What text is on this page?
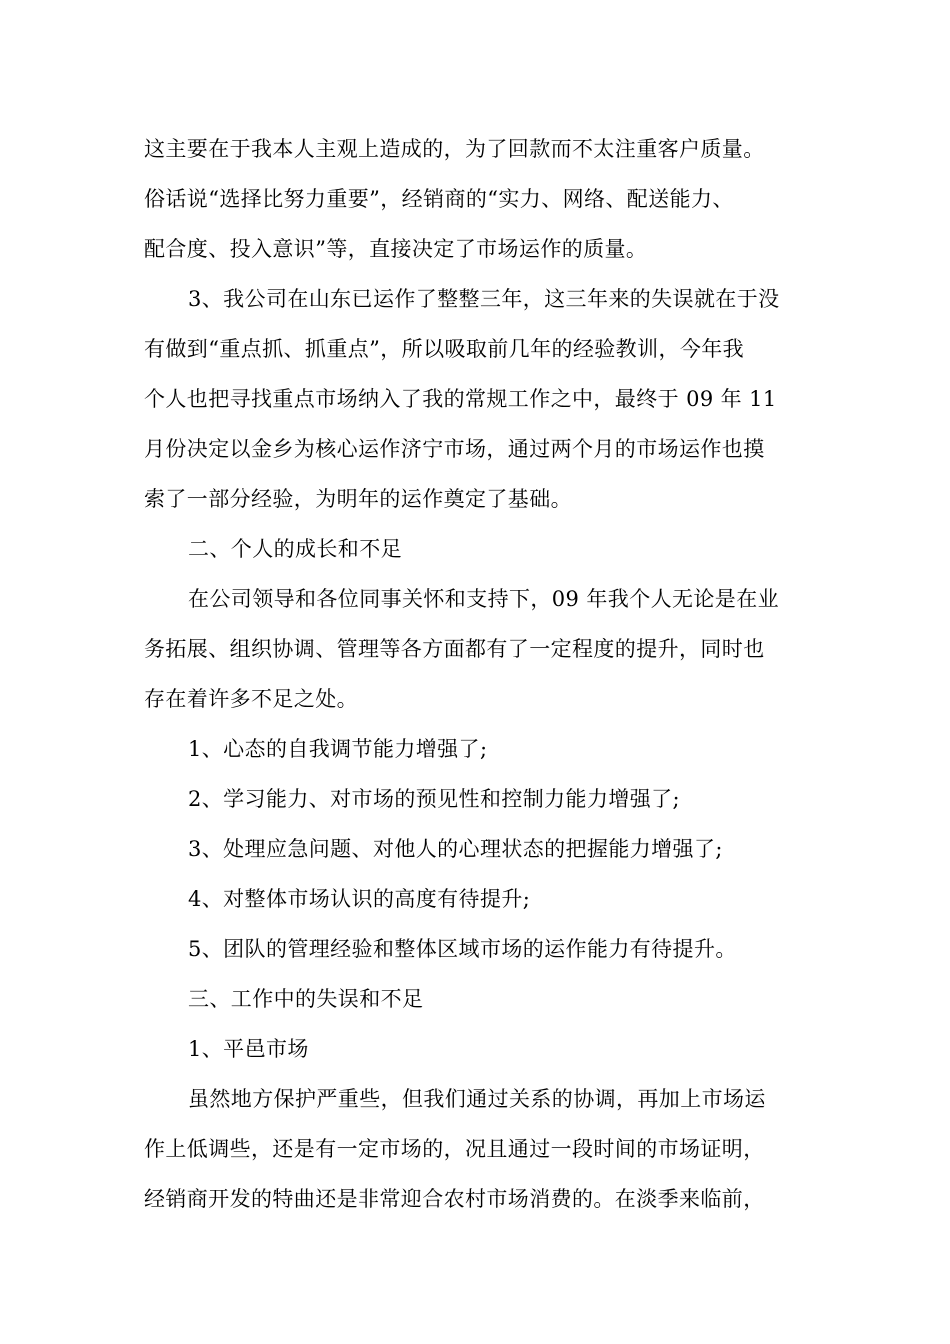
这主要在于我本人主观上造成的，为了回款而不太注重客户质量。
俗话说“选择比努力重要”，经销商的“实力、网络、配送能力、
配合度、投入意识”等，直接决定了市场运作的质量。
3、我公司在山东已运作了整整三年，这三年来的失误就在于没
有做到“重点抓、抓重点”，所以吸取前几年的经验教训，今年我
个人也把寻找重点市场纳入了我的常规工作之中，最终于 09 年 11
月份决定以金乡为核心运作济宁市场，通过两个月的市场运作也摸
索了一部分经验，为明年的运作奠定了基础。
二、个人的成长和不足
在公司领导和各位同事关怀和支持下，09 年我个人无论是在业
务拓展、组织协调、管理等各方面都有了一定程度的提升，同时也
存在着许多不足之处。
1、心态的自我调节能力增强了;
2、学习能力、对市场的预见性和控制力能力增强了;
3、处理应急问题、对他人的心理状态的把握能力增强了;
4、对整体市场认识的高度有待提升;
5、团队的管理经验和整体区域市场的运作能力有待提升。
三、工作中的失误和不足
1、平邑市场
虽然地方保护严重些，但我们通过关系的协调，再加上市场运
作上低调些，还是有一定市场的，况且通过一段时间的市场证明，
经销商开发的特曲还是非常迎合农村市场消费的。在淡季来临前，
